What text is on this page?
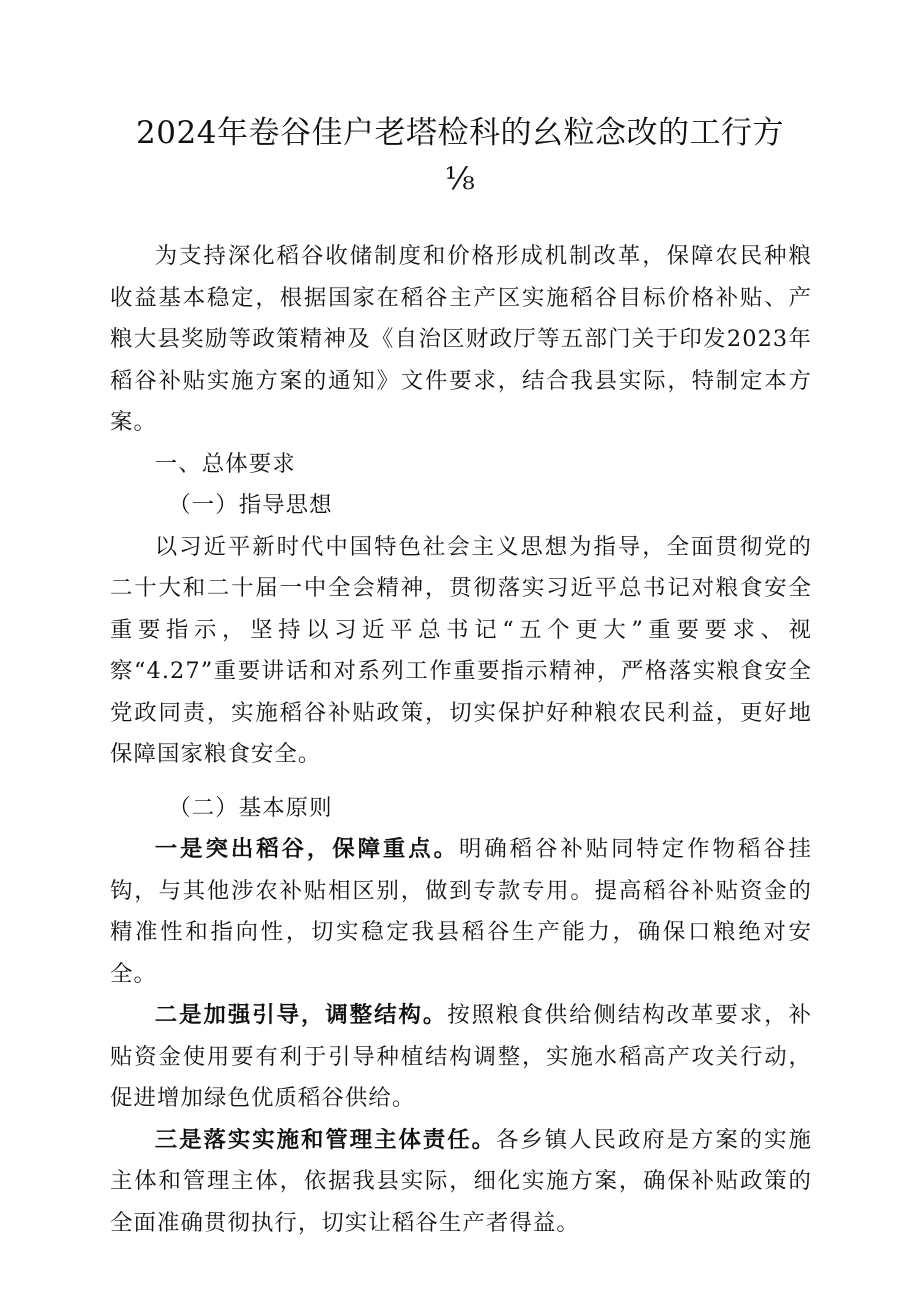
2024年卷谷佳户老塔检科的幺粒念改的工行方
⅛

为支持深化稻谷收储制度和价格形成机制改革，保障农民种粮收益基本稳定，根据国家在稻谷主产区实施稻谷目标价格补贴、产粮大县奖励等政策精神及《自治区财政厅等五部门关于印发2023年稻谷补贴实施方案的通知》文件要求，结合我县实际，特制定本方案。

一、总体要求

（一）指导思想

以习近平新时代中国特色社会主义思想为指导，全面贯彻党的二十大和二十届一中全会精神，贯彻落实习近平总书记对粮食安全重要指示，坚持以习近平总书记“五个更大”重要要求、视察“4.27”重要讲话和对系列工作重要指示精神，严格落实粮食安全党政同责，实施稻谷补贴政策，切实保护好种粮农民利益，更好地保障国家粮食安全。

（二）基本原则

一是突出稻谷，保障重点。明确稻谷补贴同特定作物稻谷挂钩，与其他涉农补贴相区别，做到专款专用。提高稻谷补贴资金的精准性和指向性，切实稳定我县稻谷生产能力，确保口粮绝对安全。

二是加强引导，调整结构。按照粮食供给侧结构改革要求，补贴资金使用要有利于引导种植结构调整，实施水稻高产攻关行动，促进增加绿色优质稻谷供给。

三是落实实施和管理主体责任。各乡镇人民政府是方案的实施主体和管理主体，依据我县实际，细化实施方案，确保补贴政策的全面准确贯彻执行，切实让稻谷生产者得益。
